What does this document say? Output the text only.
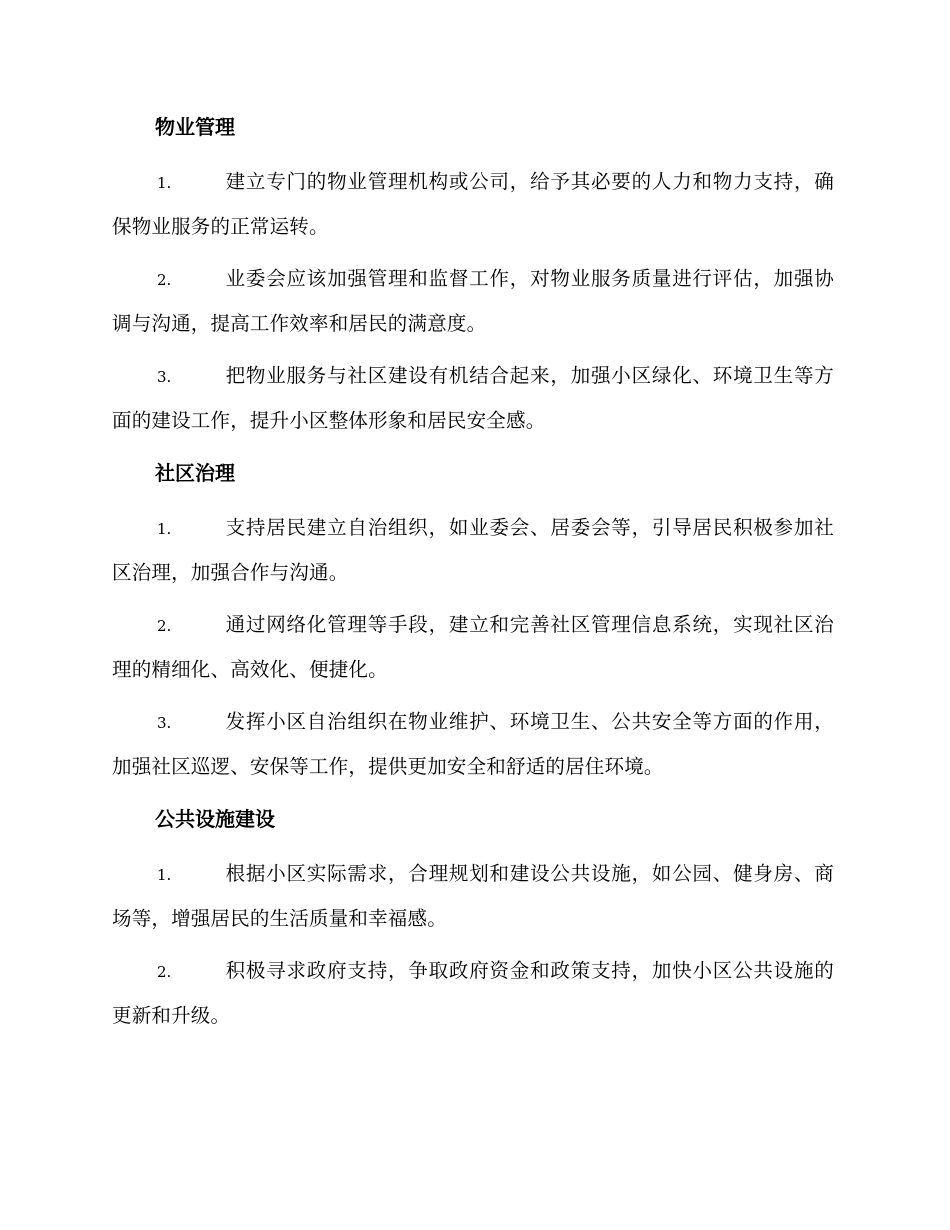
物业管理
1.	建立专门的物业管理机构或公司，给予其必要的人力和物力支持，确保物业服务的正常运转。
2.	业委会应该加强管理和监督工作，对物业服务质量进行评估，加强协调与沟通，提高工作效率和居民的满意度。
3.	把物业服务与社区建设有机结合起来，加强小区绿化、环境卫生等方面的建设工作，提升小区整体形象和居民安全感。
社区治理
1.	支持居民建立自治组织，如业委会、居委会等，引导居民积极参加社区治理，加强合作与沟通。
2.	通过网络化管理等手段，建立和完善社区管理信息系统，实现社区治理的精细化、高效化、便捷化。
3.	发挥小区自治组织在物业维护、环境卫生、公共安全等方面的作用，加强社区巡逻、安保等工作，提供更加安全和舒适的居住环境。
公共设施建设
1.	根据小区实际需求，合理规划和建设公共设施，如公园、健身房、商场等，增强居民的生活质量和幸福感。
2.	积极寻求政府支持，争取政府资金和政策支持，加快小区公共设施的更新和升级。
